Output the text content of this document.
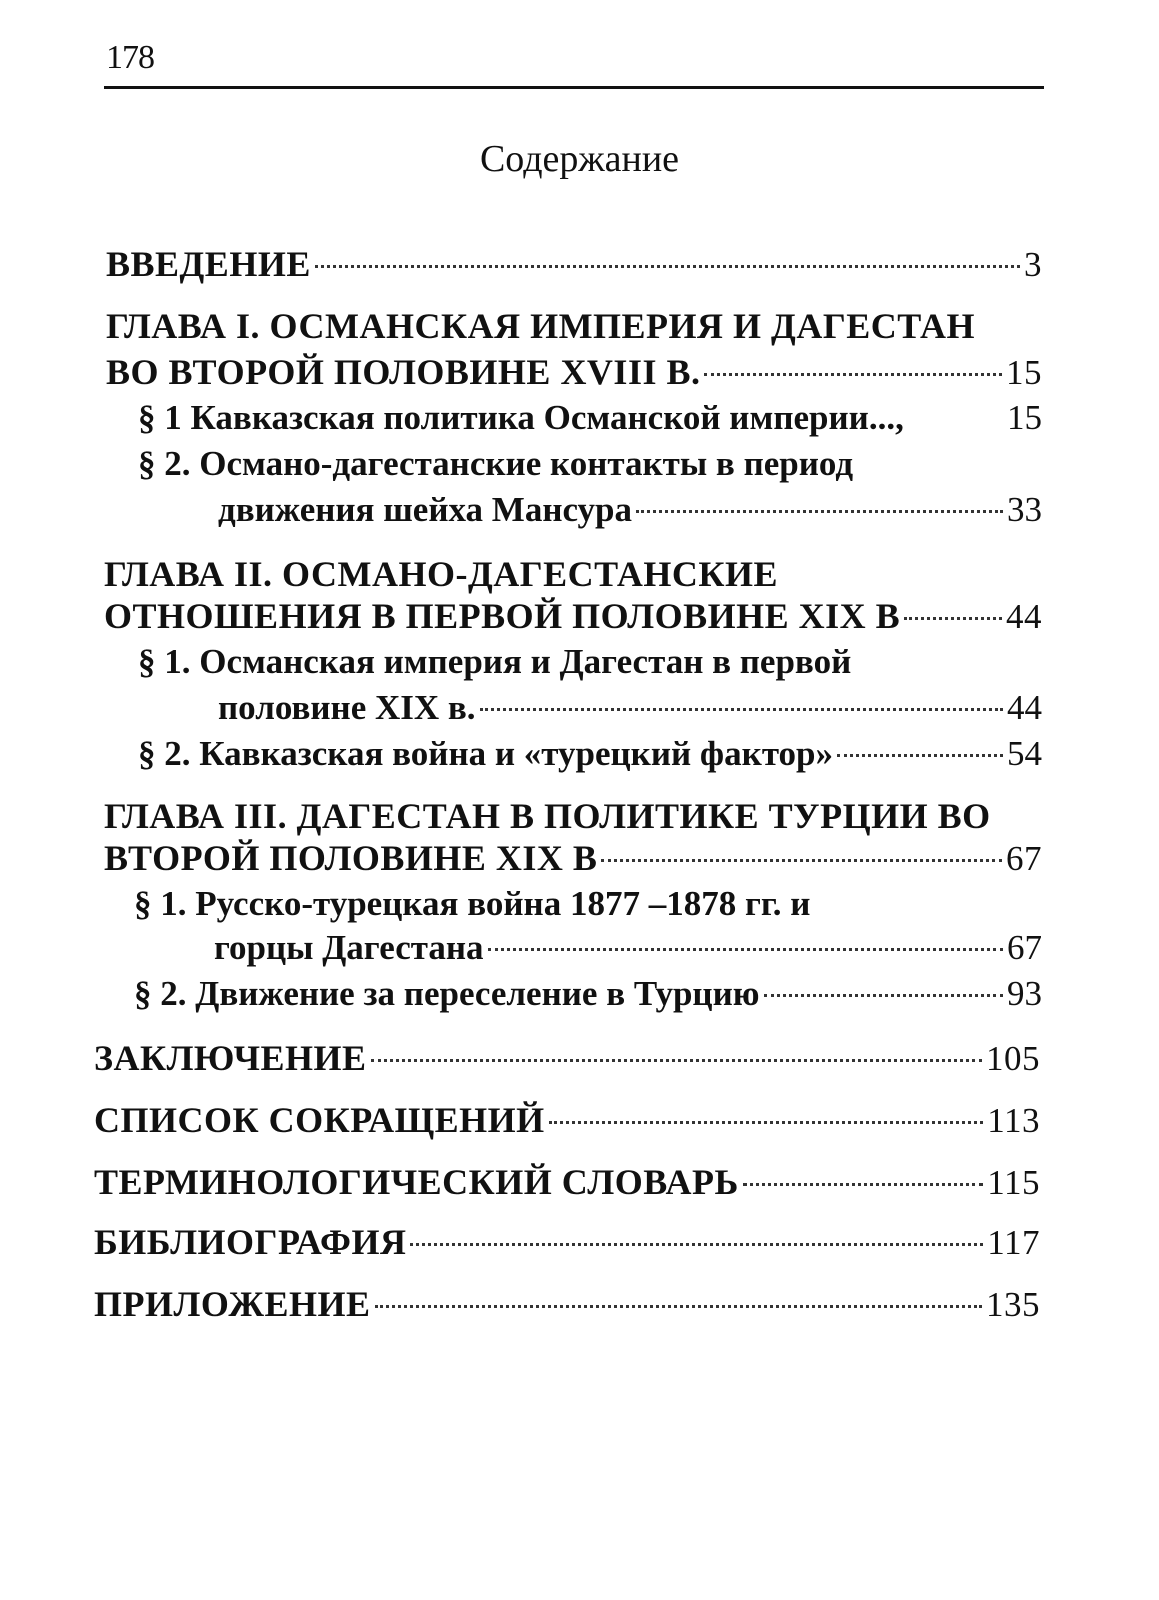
178
Содержание
ВВЕДЕНИЕ	3
ГЛАВА I. ОСМАНСКАЯ ИМПЕРИЯ И ДАГЕСТАН
ВО ВТОРОЙ ПОЛОВИНЕ XVIII В.	15
§ 1 Кавказская политика Османской империи...,	15
§ 2. Османо-дагестанские контакты в период
движения шейха Мансура	33
ГЛАВА II. ОСМАНО-ДАГЕСТАНСКИЕ
ОТНОШЕНИЯ В ПЕРВОЙ ПОЛОВИНЕ XIX В	44
§ 1. Османская империя и Дагестан в первой
половине XIX в.	44
§ 2. Кавказская война и «турецкий фактор»	54
ГЛАВА III. ДАГЕСТАН В ПОЛИТИКЕ ТУРЦИИ ВО
ВТОРОЙ ПОЛОВИНЕ XIX В	67
§ 1. Русско-турецкая война 1877 –1878 гг. и
горцы Дагестана	67
§ 2. Движение за переселение в Турцию	93
ЗАКЛЮЧЕНИЕ	105
СПИСОК СОКРАЩЕНИЙ	113
ТЕРМИНОЛОГИЧЕСКИЙ СЛОВАРЬ	115
БИБЛИОГРАФИЯ	117
ПРИЛОЖЕНИЕ	135
